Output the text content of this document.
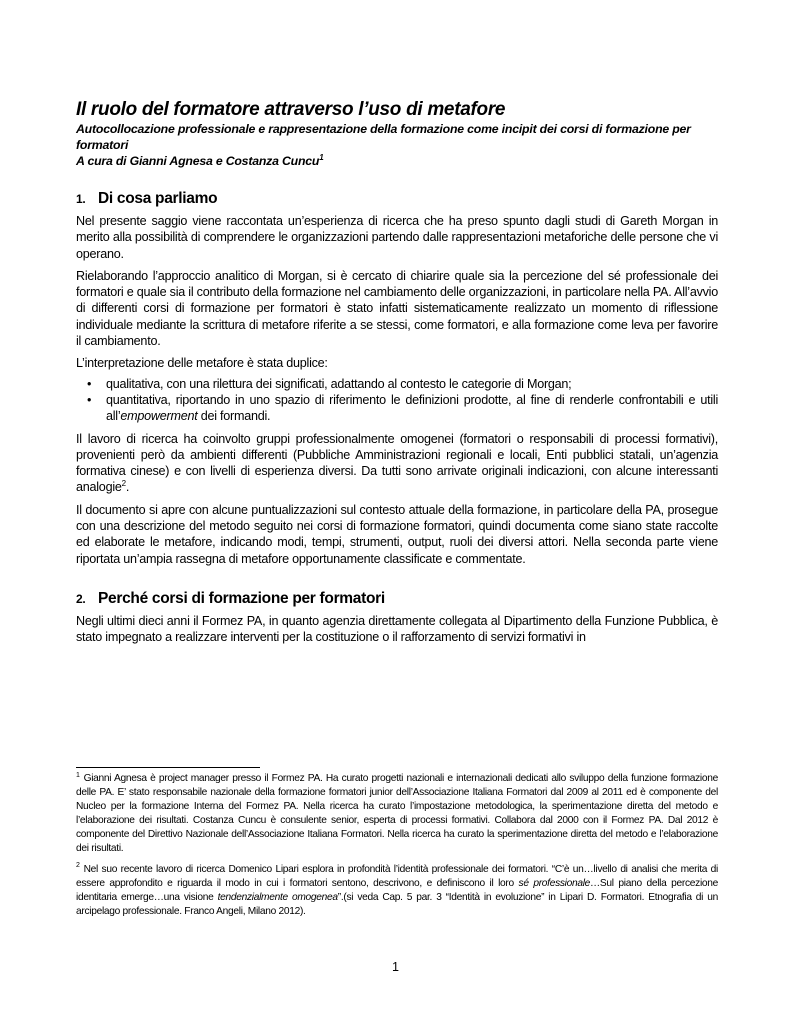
Il ruolo del formatore attraverso l’uso di metafore
Autocollocazione professionale e rappresentazione della formazione come incipit dei corsi di formazione per formatori
A cura di Gianni Agnesa e Costanza Cuncu$^1$
1. Di cosa parliamo

Nel presente saggio viene raccontata un’esperienza di ricerca che ha preso spunto dagli studi di Gareth Morgan in merito alla possibilità di comprendere le organizzazioni partendo dalle rappresentazioni metaforiche delle persone che vi operano.

Rielaborando l’approccio analitico di Morgan, si è cercato di chiarire quale sia la percezione del sé professionale dei formatori e quale sia il contributo della formazione nel cambiamento delle organizzazioni, in particolare nella PA. All’avvio di differenti corsi di formazione per formatori è stato infatti sistematicamente realizzato un momento di riflessione individuale mediante la scrittura di metafore riferite a se stessi, come formatori, e alla formazione come leva per favorire il cambiamento.

L’interpretazione delle metafore è stata duplice:

• qualitativa, con una rilettura dei significati, adattando al contesto le categorie di Morgan;
• quantitativa, riportando in uno spazio di riferimento le definizioni prodotte, al fine di renderle confrontabili e utili all’empowerment dei formandi.

Il lavoro di ricerca ha coinvolto gruppi professionalmente omogenei (formatori o responsabili di processi formativi), provenienti però da ambienti differenti (Pubbliche Amministrazioni regionali e locali, Enti pubblici statali, un’agenzia formativa cinese) e con livelli di esperienza diversi. Da tutti sono arrivate originali indicazioni, con alcune interessanti analogie$^2$.

Il documento si apre con alcune puntualizzazioni sul contesto attuale della formazione, in particolare della PA, prosegue con una descrizione del metodo seguito nei corsi di formazione formatori, quindi documenta come siano state raccolte ed elaborate le metafore, indicando modi, tempi, strumenti, output, ruoli dei diversi attori. Nella seconda parte viene riportata un’ampia rassegna di metafore opportunamente classificate e commentate.

2. Perché corsi di formazione per formatori

Negli ultimi dieci anni il Formez PA, in quanto agenzia direttamente collegata al Dipartimento della Funzione Pubblica, è stato impegnato a realizzare interventi per la costituzione o il rafforzamento di servizi formativi in

$^1$ Gianni Agnesa è project manager presso il Formez PA. Ha curato progetti nazionali e internazionali dedicati allo sviluppo della funzione formazione delle PA. E’ stato responsabile nazionale della formazione formatori junior dell’Associazione Italiana Formatori dal 2009 al 2011 ed è componente del Nucleo per la formazione Interna del Formez PA. Nella ricerca ha curato l’impostazione metodologica, la sperimentazione diretta del metodo e l’elaborazione dei risultati. Costanza Cuncu è consulente senior, esperta di processi formativi. Collabora dal 2000 con il Formez PA. Dal 2012 è componente del Direttivo Nazionale dell’Associazione Italiana Formatori. Nella ricerca ha curato la sperimentazione diretta del metodo e l’elaborazione dei risultati.

$^2$ Nel suo recente lavoro di ricerca Domenico Lipari esplora in profondità l’identità professionale dei formatori. “C’è un…livello di analisi che merita di essere approfondito e riguarda il modo in cui i formatori sentono, descrivono, e definiscono il loro sé professionale…Sul piano della percezione identitaria emerge…una visione tendenzialmente omogenea”.(si veda Cap. 5 par. 3 “Identità in evoluzione” in Lipari D. Formatori. Etnografia di un arcipelago professionale. Franco Angeli, Milano 2012).

1
